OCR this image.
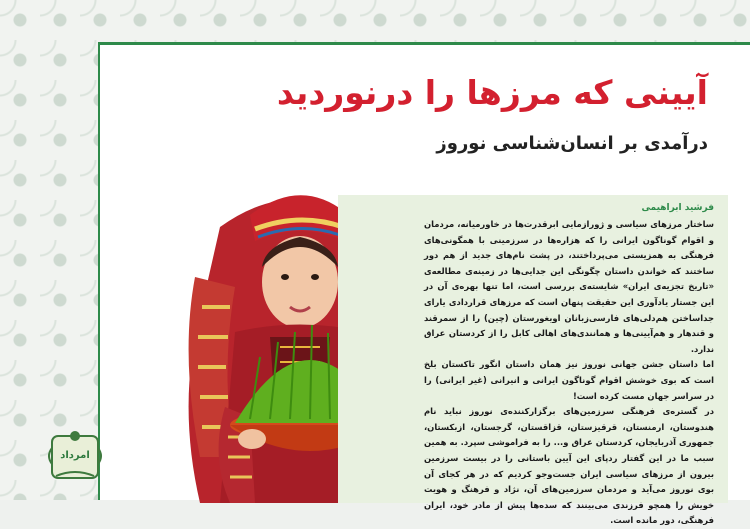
آیینی که مرزها را درنوردید
درآمدی بر انسان‌شناسی نوروز
فرشید ابراهیمی

ساختار مرزهای سیاسی و ژورازمایی ابرقدرت‌ها در خاورمیانه، مردمان و اقوام گوناگون ایرانی را که هزاره‌ها در سرزمینی با همگونی‌های فرهنگی به همزیستی می‌پرداختند، در پشت نام‌های جدید از هم دور ساختند که خواندن داستان چگونگی این جدایی‌ها در زمینه‌ی مطالعه‌ی «تاریخ تجزیه‌ی ایران» شایسته‌ی بررسی است، اما تنها بهره‌ی آن در این جستار یادآوری این حقیقت پنهان است که مرزهای قراردادی یارای جداساختن هم‌دلی‌های فارسی‌زبانان اویغورستان (چین) را از سمرقند و قندهار و هم‌آیینی‌ها و همانندی‌های اهالی کابل را از کردستان عراق ندارد.

اما داستان جشن جهانی نوروز نیز همان داستان انگور تاکستان بلخ است که بوی خوشش اقوام گوناگون ایرانی و انیرانی (غیر ایرانی) را در سراسر جهان مست کرده است!

در گستره‌ی فرهنگی سرزمین‌های برگزارکننده‌ی نوروز نباید نام هندوستان، ارمنستان، قرقیزستان، قزاقستان، گرجستان، ازبکستان، جمهوری آذربایجان، کردستان عراق و... را به فراموشی سپرد. به همین سبب ما در این گفتار ردپای این آیین باستانی را در بیست سرزمین بیرون از مرزهای سیاسی ایران جست‌وجو کردیم که در هر کجای آن بوی نوروز می‌آید و مردمان سرزمین‌های آن، نژاد و فرهنگ و هویت خویش را همچو فرزندی می‌بینند که سده‌ها پیش از مادر خود، ایران فرهنگی، دور مانده است.

امرداد
